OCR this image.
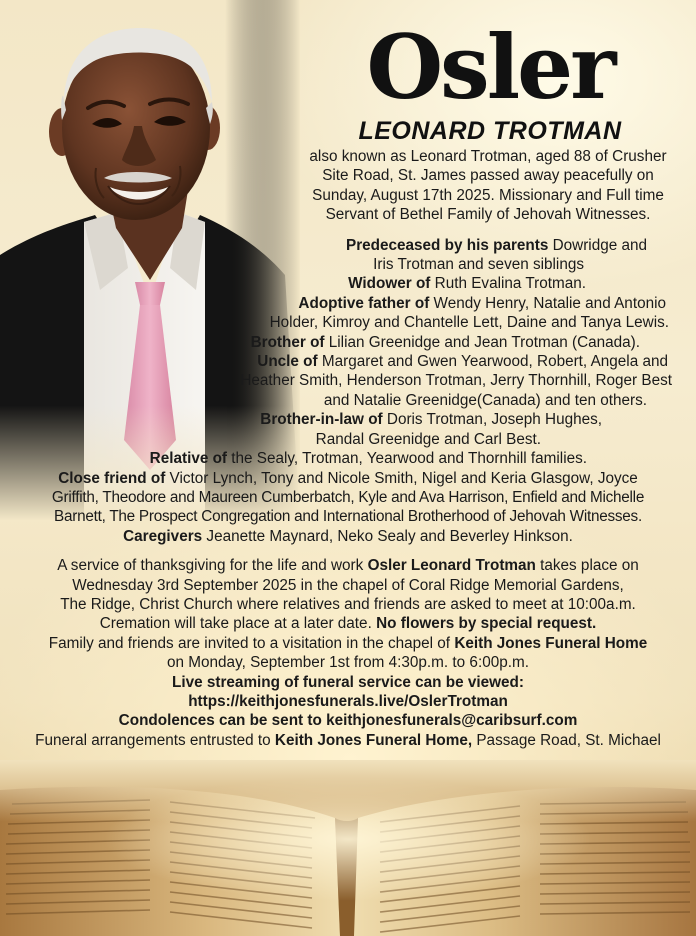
Osler
LEONARD TROTMAN
also known as Leonard Trotman, aged 88 of Crusher
Site Road, St. James passed away peacefully on
Sunday, August 17th 2025. Missionary and Full time
Servant of Bethel Family of Jehovah Witnesses.
Predeceased by his parents Dowridge and
Iris Trotman and seven siblings
Widower of Ruth Evalina Trotman.
Adoptive father of Wendy Henry, Natalie and Antonio
Holder, Kimroy and Chantelle Lett, Daine and Tanya Lewis.
Brother of Lilian Greenidge and Jean Trotman (Canada).
Uncle of Margaret and Gwen Yearwood, Robert, Angela and
Heather Smith, Henderson Trotman, Jerry Thornhill, Roger Best
and Natalie Greenidge(Canada) and ten others.
Brother-in-law of Doris Trotman, Joseph Hughes,
Randal Greenidge and Carl Best.
Relative of the Sealy, Trotman, Yearwood and Thornhill families.
Close friend of Victor Lynch, Tony and Nicole Smith, Nigel and Keria Glasgow, Joyce
Griffith, Theodore and Maureen Cumberbatch, Kyle and Ava Harrison, Enfield and Michelle
Barnett, The Prospect Congregation and International Brotherhood of Jehovah Witnesses.
Caregivers Jeanette Maynard, Neko Sealy and Beverley Hinkson.
A service of thanksgiving for the life and work Osler Leonard Trotman takes place on
Wednesday 3rd September 2025 in the chapel of Coral Ridge Memorial Gardens,
The Ridge, Christ Church where relatives and friends are asked to meet at 10:00a.m.
Cremation will take place at a later date. No flowers by special request.
Family and friends are invited to a visitation in the chapel of Keith Jones Funeral Home
on Monday, September 1st from 4:30p.m. to 6:00p.m.
Live streaming of funeral service can be viewed:
https://keithjonesfunerals.live/OslerTrotman
Condolences can be sent to keithjonesfunerals@caribsurf.com
Funeral arrangements entrusted to Keith Jones Funeral Home, Passage Road, St. Michael
